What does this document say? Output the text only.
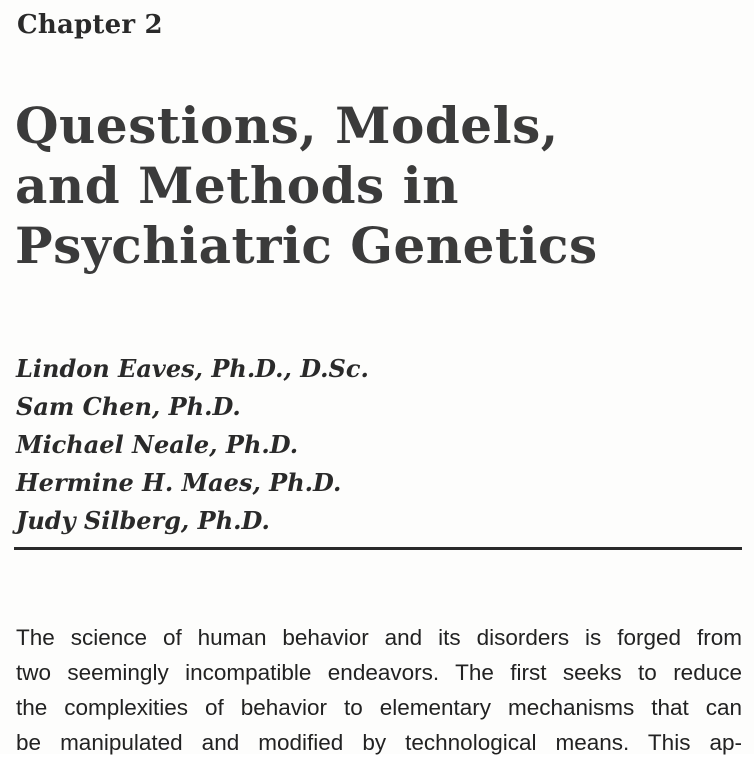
Chapter 2
Questions, Models,
and Methods in
Psychiatric Genetics
Lindon Eaves, Ph.D., D.Sc.
Sam Chen, Ph.D.
Michael Neale, Ph.D.
Hermine H. Maes, Ph.D.
Judy Silberg, Ph.D.

The science of human behavior and its disorders is forged from
two seemingly incompatible endeavors. The first seeks to reduce
the complexities of behavior to elementary mechanisms that can
be manipulated and modified by technological means. This ap-
